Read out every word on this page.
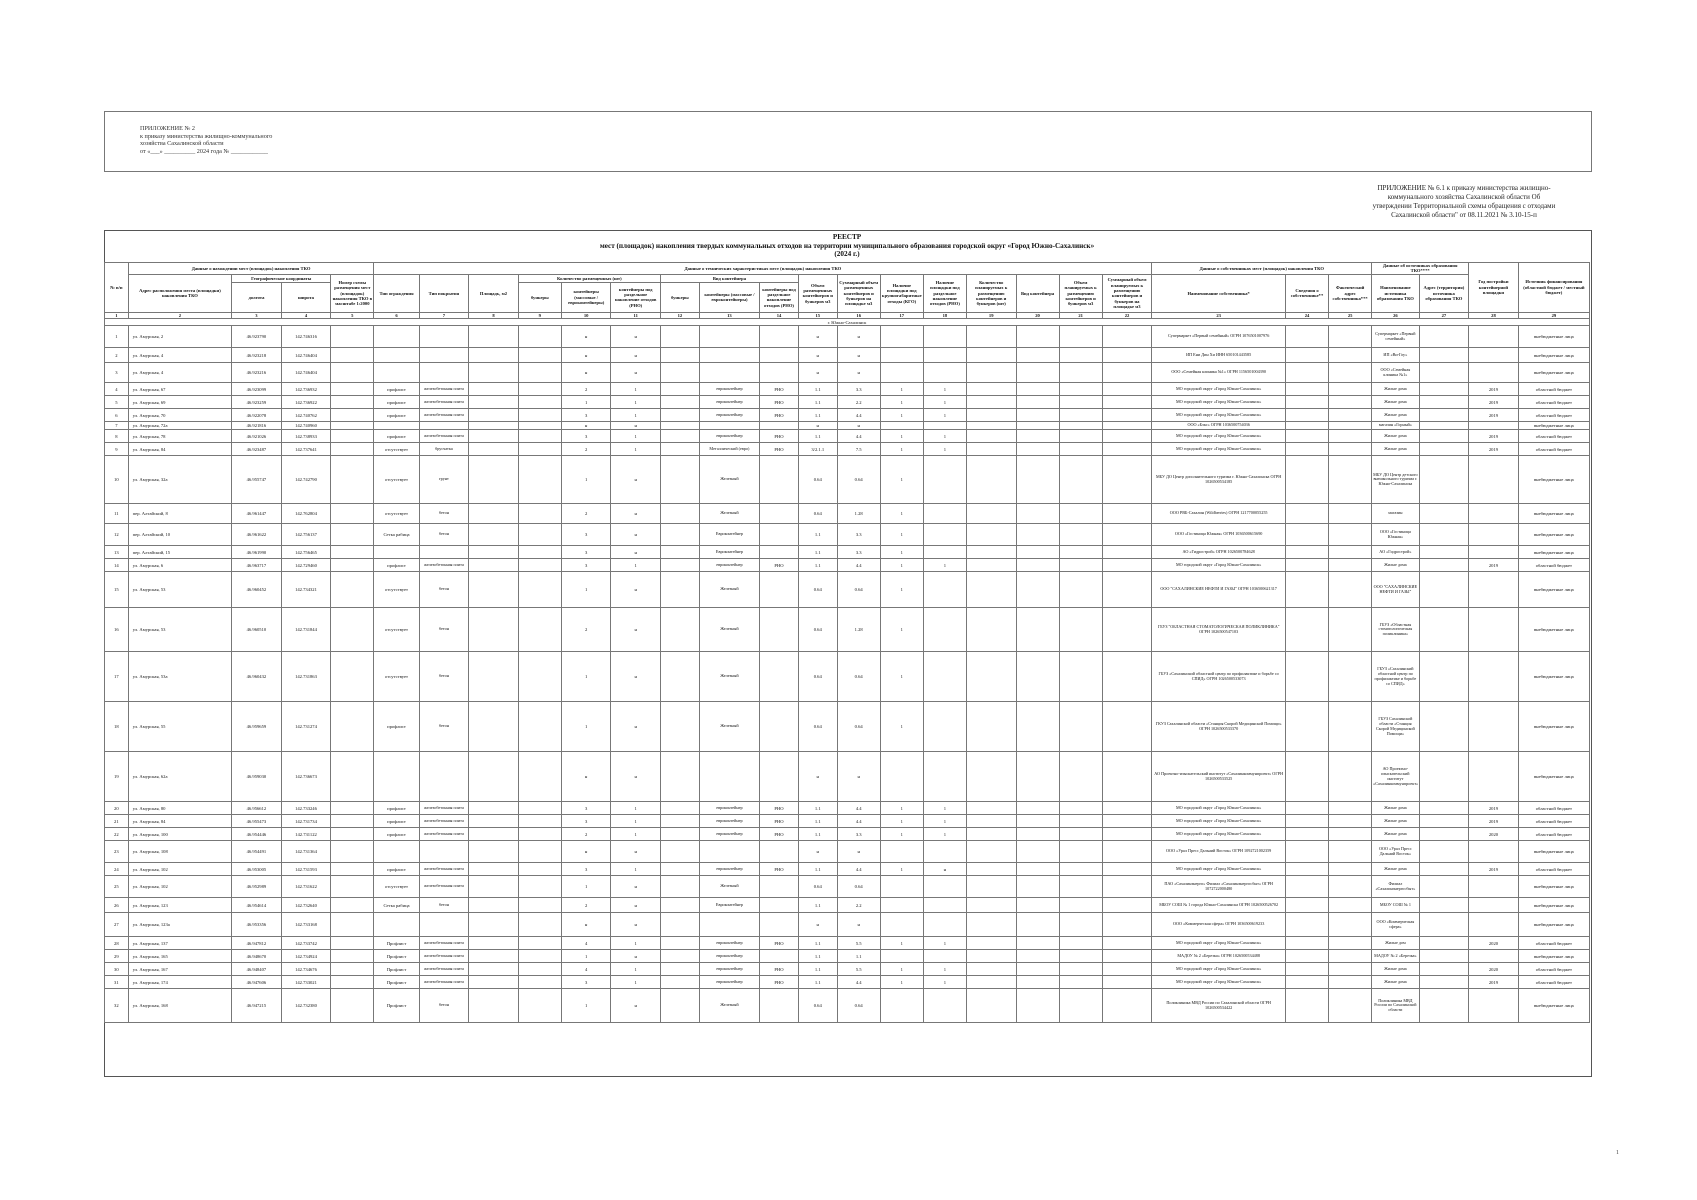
ПРИЛОЖЕНИЕ № 2
к приказу министерства жилищно-коммунального
хозяйства Сахалинской области
от «___» __________ 2024 года № ____________
ПРИЛОЖЕНИЕ № 6.1 к приказу министерства жилищно-
коммунального хозяйства Сахалинской области Об
утверждении Территориальной схемы обращения с отходами
Сахалинской области" от 08.11.2021 № 3.10-15-п
РЕЕСТР
мест (площадок) накопления твердых коммунальных отходов на территории муниципального образования городской округ «Город Южно-Сахалинск»
(2024 г.)
№ п/п	Данные о нахождении мест (площадок) накопления ТКО				Данные о технических характеристиках мест (площадок) накопления ТКО																	Данные о собственниках мест (площадок) накопления ТКО			Данные об источниках образования ТКО****		Год постройки контейнерной площадки	Источник финансирования (областной бюджет / местный бюджет)
	Адрес расположения места (площадки) накопления ТКО	Географические координаты		Номер схемы размещения мест (площадок) накопления ТКО в масштабе 1:2000	Тип ограждения	Тип покрытия	Площадь, м2	Количество размещенных (шт)			Вид контейнера			Объем размещенных контейнеров и бункеров м3	Суммарный объем размещенных контейнеров и бункеров на площадке м3	Наличие площадки под крупногабаритные отходы (КГО)	Наличие площадки под раздельное накопление отходов (РНО)	Количество планируемых к размещению контейнеров и бункеров (шт)	Вид контейнера	Объем планируемых к размещению контейнеров и бункеров м3	Суммарный объем планируемых к размещению контейнеров и бункеров на площадке м3	Наименование собственника*	Сведения о собственнике**	Фактический адрес собственника***	Наименование источника образования ТКО	Адрес (территория) источника образования ТКО		
		долгота	широта					бункеры	контейнеры (массовые / евроконтейнеры)	контейнеры под раздельное накопление отходов (РНО)	бункеры	контейнеры (массовые / евроконтейнеры)	контейнеры под раздельное накопление отходов (РНО)															
1	2	3	4	5	6	7	8	9	10	11	12	13	14	15	16	17	18	19	20	21	22	23	24	25	26	27	28	29
г. Южно-Сахалинск																												
1	ул. Амурская, 2	46.923790	142.746316						н	н				н	н							Супермаркет «Первый семейный» ОГРН 1076501007976			Супермаркет «Первый семейный»			внебюджетные лица
2	ул. Амурская, 4	46.923218	142.746404						н	н				н	н							ИП Ени Дин Хи ИНН 650101443585			ИП «Ви-Гоу»			внебюджетные лица
3	ул. Амурская, 4	46.923216	142.746404						н	н				н	н							ООО «Семейная клиника №1» ОГРН 1156501004390			ООО «Семейная клиника №1»			внебюджетные лица
4	ул. Амурская, 67	46.923099	142.736932		профлист	железобетонная плита			2	1		евроконтейнер	РНО	1.1	3.3	1	1					МО городской округ «Город Южно-Сахалинск»			Жилые дома		2019	областной бюджет
5	ул. Амурская, 69	46.923259	142.736922		профлист	железобетонная плита			1	1		евроконтейнер	РНО	1.1	2.2	1	1					МО городской округ «Город Южно-Сахалинск»			Жилые дома		2019	областной бюджет
6	ул. Амурская, 70	46.922078	142.740762		профлист	железобетонная плита			3	1		евроконтейнер	РНО	1.1	4.4	1	1					МО городской округ «Город Южно-Сахалинск»			Жилые дома		2019	областной бюджет
7	ул. Амурская, 72а	46.921816	142.740960						н	н				н	н							ООО «Бэкс» ОГРН 1036500754036			магазин «Горный»			внебюджетные лица
8	ул. Амурская, 78	46.921026	142.738933		профлист	железобетонная плита			3	1		евроконтейнер	РНО	1.1	4.4	1	1					МО городской округ «Город Южно-Сахалинск»			Жилые дома		2019	областной бюджет
9	ул. Амурская, 84	46.923487	142.737641		отсутствует	брусчатка			2	1		Металлический (евро)	РНО	3/2.1.1	7.5	1	1					МО городской округ «Город Южно-Сахалинск»			Жилые дома		2019	областной бюджет
10	ул. Амурская, 32а	46.955747	142.742790		отсутствует	грунт			1	н		Железный		0.64	0.64	1						МБУ ДО Центр дополнительного туризма г. Южно-Сахалинска ОГРН 1026500534185			МБУ ДО Центр детского внешкольного туризма г. Южно-Сахалинска			внебюджетные лица
11	пер. Алтайский, 8	46.961447	142.762804		отсутствует	бетон			2	н		Железный		0.64	1.28	1						ООО РВБ-Сахалин (Wildberries) ОГРН 1217700055255			магазин			внебюджетные лица
12	пер. Алтайский, 10	46.961622	142.756137		Сетка рабица	бетон			3	н		Евроконтейнер		1.1	3.3	1						ООО «Гостиница Южная» ОГРН 1036500615690			ООО «Гостиница Южная»			внебюджетные лица
13	пер. Алтайский, 15	46.961990	142.756465						3	н		Евроконтейнер		1.1	3.3	1						АО «Гидрострой» ОГРН 1026500784628			АО «Гидрострой»			внебюджетные лица
14	ул. Амурская, 6	46.963717	142.729460		профлист	железобетонная плита			3	1		евроконтейнер	РНО	1.1	4.4	1	1					МО городской округ «Город Южно-Сахалинск»			Жилые дома		2019	областной бюджет
15	ул. Амурская, 53	46.960452	142.734321		отсутствует	бетон			1	н		Железный		0.64	0.64	1						ООО "САХАЛИНСКИЕ НЕФТИ И ГАЗЫ" ОГРН 1036500621317			ООО "САХАЛИНСКИЕ НЕФТИ И ГАЗЫ"			внебюджетные лица
16	ул. Амурская, 53	46.960510	142.731844		отсутствует	бетон			2	н		Железный		0.64	1.28	1						ГБУЗ "ОБЛАСТНАЯ СТОМАТОЛОГИЧЕСКАЯ ПОЛИКЛИНИКА" ОГРН 1026500547103			ГБУЗ «Областная стоматологическая поликлиника»			внебюджетные лица
17	ул. Амурская, 53а	46.960432	142.731863		отсутствует	бетон			1	н		Железный		0.64	0.64	1						ГБУЗ «Сахалинский областной центр по профилактике и борьбе со СПИД» ОГРН 1026500533073			ГБУЗ «Сахалинский областной центр по профилактике и борьбе со СПИД»			внебюджетные лица
18	ул. Амурская, 55	46.959659	142.731274		профлист	бетон			1	н		Железный		0.64	0.64	1						ГКУЗ Сахалинской области «Станция Скорой Медицинской Помощи» ОГРН 1026500533370			ГБУЗ Сахалинской области «Станция Скорой Медицинской Помощи»			внебюджетные лица
19	ул. Амурская, 62а	46.959030	142.736673						н	н				н	н							АО Проектно-изыскательский институт «Сахалинкоммунпроект» ОГРН 1026500533525			АО Проектно-изыскательский институт «Сахалинкоммунпроект»			внебюджетные лица
20	ул. Амурская, 80	46.956612	142.733246		профлист	железобетонная плита			3	1		евроконтейнер	РНО	1.1	4.4	1	1					МО городской округ «Город Южно-Сахалинск»			Жилые дома		2019	областной бюджет
21	ул. Амурская, 84	46.955473	142.731734		профлист	железобетонная плита			3	1		евроконтейнер	РНО	1.1	4.4	1	1					МО городской округ «Город Южно-Сахалинск»			Жилые дома		2019	областной бюджет
22	ул. Амурская, 100	46.954446	142.731122		профлист	железобетонная плита			2	1		евроконтейнер	РНО	1.1	3.3	1	1					МО городской округ «Город Южно-Сахалинск»			Жилые дома		2020	областной бюджет
23	ул. Амурская, 108	46.954491	142.731364						н	н				н	н							ООО «Урал Пресс Дальний Восток» ОГРН 1092721002359			ООО «Урал Пресс Дальний Восток»			внебюджетные лица
24	ул. Амурская, 102	46.953005	142.731593		профлист	железобетонная плита			3	1		евроконтейнер	РНО	1.1	4.4	1	н					МО городской округ «Город Южно-Сахалинск»			Жилые дома		2019	областной бюджет
25	ул. Амурская, 102	46.952989	142.731622		отсутствует	железобетонная плита			1	н		Железный		0.64	0.64							ПАО «Сахалинэнерго» Филиал «Сахалинэнергосбыт» ОГРН 1072722000480			Филиал «Сахалинэнергосбыт»			внебюджетные лица
26	ул. Амурская, 123	46.954614	142.732640		Сетка рабица	бетон			2	н		Евроконтейнер		1.1	2.2							МБОУ СОШ № 1 города Южно-Сахалинска ОГРН 1026500526702			МБОУ СОШ № 1			внебюджетные лица
27	ул. Амурская, 123а	46.953356	142.733168						н	н				н	н							ООО «Коммерческая сфера» ОГРН 1036500619233			ООО «Коммерческая сфера»			внебюджетные лица
28	ул. Амурская, 137	46.947812	142.733742		Профлист	железобетонная плита			4	1		евроконтейнер	РНО	1.1	5.5	1	1					МО городской округ «Город Южно-Сахалинск»			Жилые дом		2020	областной бюджет
29	ул. Амурская, 165	46.948670	142.734924		Профлист	железобетонная плита			1	н		евроконтейнер		1.1	1.1							МАДОУ № 2 «Березка» ОГРН 1026500534488			МАДОУ № 2 «Березка»			внебюджетные лица
30	ул. Амурская, 167	46.948407	142.734676		Профлист	железобетонная плита			4	1		евроконтейнер	РНО	1.1	5.5	1	1					МО городской округ «Город Южно-Сахалинск»			Жилые дома		2020	областной бюджет
31	ул. Амурская, 174	46.947606	142.733021		Профлист	железобетонная плита			3	1		евроконтейнер	РНО	1.1	4.4	1	1					МО городской округ «Город Южно-Сахалинск»			Жилые дома		2019	областной бюджет
32	ул. Амурская, 168	46.947215	142.732380		Профлист	бетон			1	н		Железный		0.64	0.64							Поликлиника МВД России по Сахалинской области ОГРН 1026500534422			Поликлиника МВД России по Сахалинской области			внебюджетные лица
1
